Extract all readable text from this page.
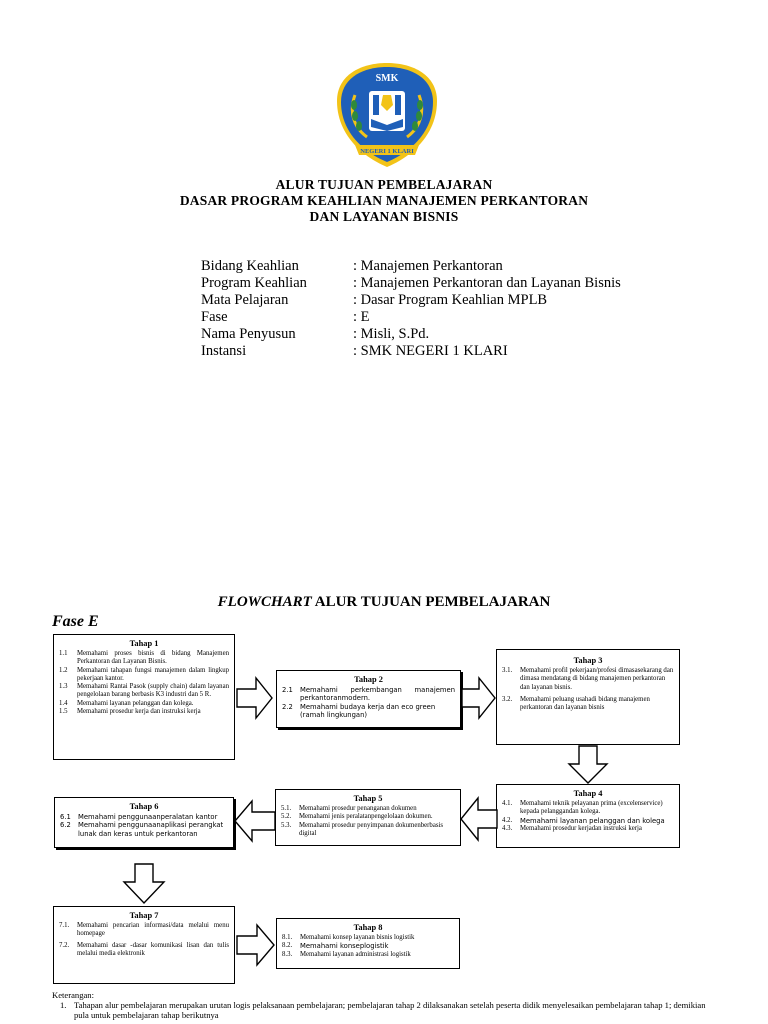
SMK
NEGERI 1 KLARI
ALUR TUJUAN PEMBELAJARAN
DASAR PROGRAM KEAHLIAN MANAJEMEN PERKANTORAN
DAN LAYANAN BISNIS
Bidang Keahlian	: Manajemen Perkantoran
Program Keahlian	: Manajemen Perkantoran dan Layanan Bisnis
Mata Pelajaran	: Dasar Program Keahlian MPLB
Fase	: E
Nama Penyusun	: Misli, S.Pd.
Instansi	: SMK NEGERI 1 KLARI
FLOWCHART ALUR TUJUAN PEMBELAJARAN
Fase E
Tahap 1
1.1	Memahami proses bisnis di bidang Manajemen Perkantoran dan Layanan Bisnis.
1.2	Memahami tahapan fungsi manajemen dalam lingkup pekerjaan kantor.
1.3	Memahami Rantai Pasok (supply chain) dalam layanan pengelolaan barang berbasis K3 industri dan 5 R.
1.4	Memahami layanan pelanggan dan kolega.
1.5	Memahami prosedur kerja dan instruksi kerja
Tahap 2
2.1	Memahami perkembangan manajemen perkantoranmodern.
2.2	Memahami budaya kerja dan eco green (ramah lingkungan)
Tahap 3
3.1.	Memahami profil pekerjaan/profesi dimasasekarang dan dimasa mendatang di bidang manajemen perkantoran dan layanan bisnis.
3.2.	Memahami peluang usahadi bidang manajemen perkantoran dan layanan bisnis
Tahap 4
4.1.	Memahami teknik pelayanan prima (excelenservice) kepada pelanggandan kolega.
4.2.	Memahami layanan pelanggan dan kolega
4.3.	Memahami prosedur kerjadan instruksi kerja
Tahap 5
5.1.	Memahami prosedur penanganan dokumen
5.2.	Memahami jenis peralatanpengelolaan dokumen.
5.3.	Memahami prosedur penyimpanan dokumenberbasis digital
Tahap 6
6.1	Memahami penggunaanperalatan kantor
6.2	Memahami penggunaanaplikasi perangkat lunak dan keras untuk perkantoran
Tahap 7
7.1.	Memahami pencarian informasi/data melalui menu homepage
7.2.	Memahami dasar -dasar komunikasi lisan dan tulis melalui media elektronik
Tahap 8
8.1.	Memahami konsep layanan bisnis logistik
8.2.	Memahami konseplogistik
8.3.	Memahami layanan administrasi logistik
Keterangan:
1. Tahapan alur pembelajaran merupakan urutan logis pelaksanaan pembelajaran; pembelajaran tahap 2 dilaksanakan setelah peserta didik menyelesaikan pembelajaran tahap 1; demikian pula untuk pembelajaran tahap berikutnya
